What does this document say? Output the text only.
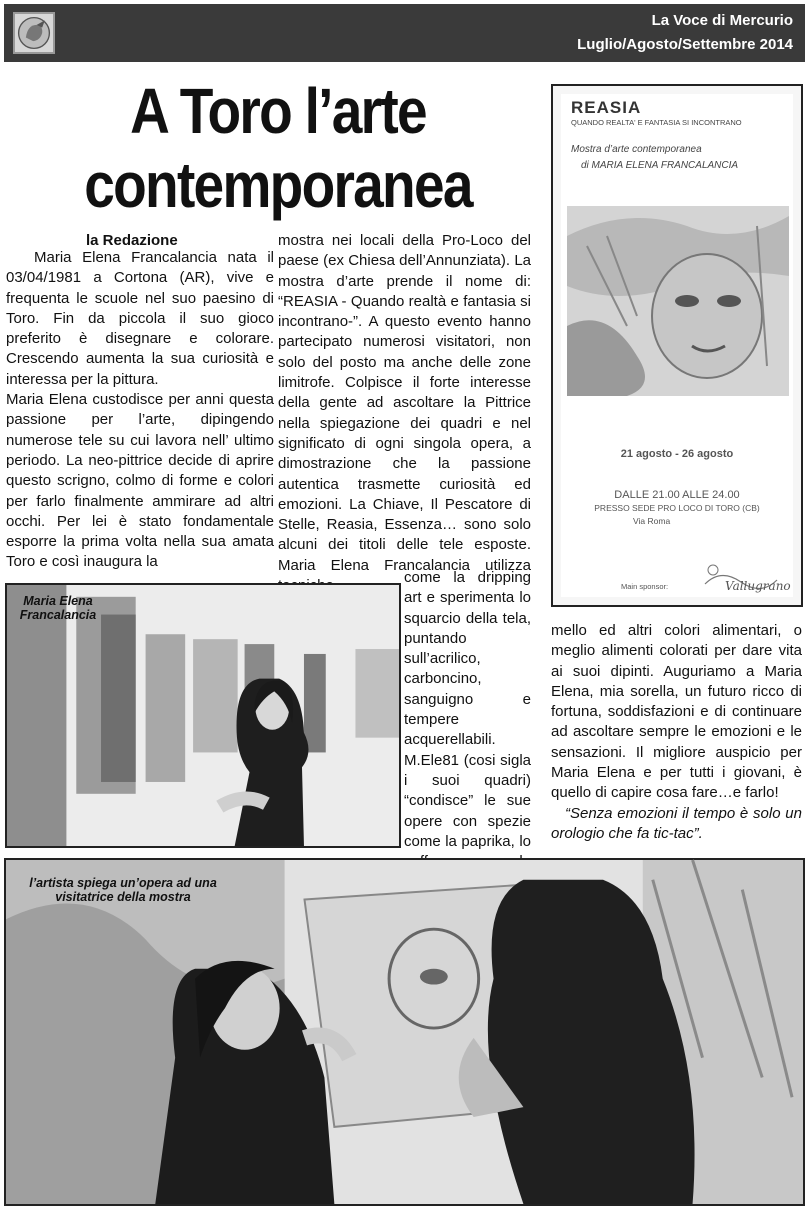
La Voce di Mercurio
Luglio/Agosto/Settembre 2014
A Toro l’arte
contemporanea
la Redazione

Maria Elena Francalancia nata il 03/04/1981 a Cortona (AR), vive e frequenta le scuole nel suo paesino di Toro. Fin da piccola il suo gioco preferito è disegnare e colorare. Crescendo aumenta la sua curiosità e interessa per la pittura.

Maria Elena custodisce per anni questa passione per l’arte, dipingendo numerose tele su cui lavora nell’ ultimo periodo. La neo-pittrice decide di aprire questo scrigno, colmo di forme e colori per farlo finalmente ammirare ad altri occhi. Per lei è stato fondamentale esporre la prima volta nella sua amata Toro e così inaugura la

mostra nei locali della Pro-Loco del paese (ex Chiesa dell’Annunziata). La mostra d’arte prende il nome di: “REASIA - Quando realtà e fantasia si incontrano-”. A questo evento hanno partecipato numerosi visitatori, non solo del posto ma anche delle zone limitrofe. Colpisce il forte interesse della gente ad ascoltare la Pittrice nella spiegazione dei quadri e nel significato di ogni singola opera, a dimostrazione che la passione autentica trasmette curiosità ed emozioni. La Chiave, Il Pescatore di Stelle, Reasia, Essenza… sono solo alcuni dei titoli delle tele esposte. Maria Elena Francalancia utilizza

come la dripping art e sperimenta lo squarcio della tela, puntando sull’acrilico, carboncino, sanguigno e tempere acquerellabili. M.Ele81 (cosi sigla i suoi quadri) “condisce” le sue opere con spezie come la paprika, lo

mello ed altri colori alimentari, o meglio alimenti colorati per dare vita ai suoi dipinti. Auguriamo a Maria Elena, mia sorella, un futuro ricco di fortuna, soddisfazioni e di continuare ad ascoltare sempre le emozioni e le sensazioni. Il migliore auspicio per Maria Elena e per tutti i giovani, è quello di capire cosa fare…e farlo!

“Senza emozioni il tempo è solo un orologio che fa tic-tac”.

REASIA
QUANDO REALTA' E FANTASIA SI INCONTRANO
Mostra d’arte contemporanea
di MARIA ELENA FRANCALANCIA
21 agosto - 26 agosto
DALLE 21.00 ALLE 24.00
PRESSO SEDE PRO LOCO DI TORO (CB)
Via Roma
Main sponsor:	Vallugrano
Maria Elena Francalancia
l’artista spiega un’opera ad una visitatrice della mostra
